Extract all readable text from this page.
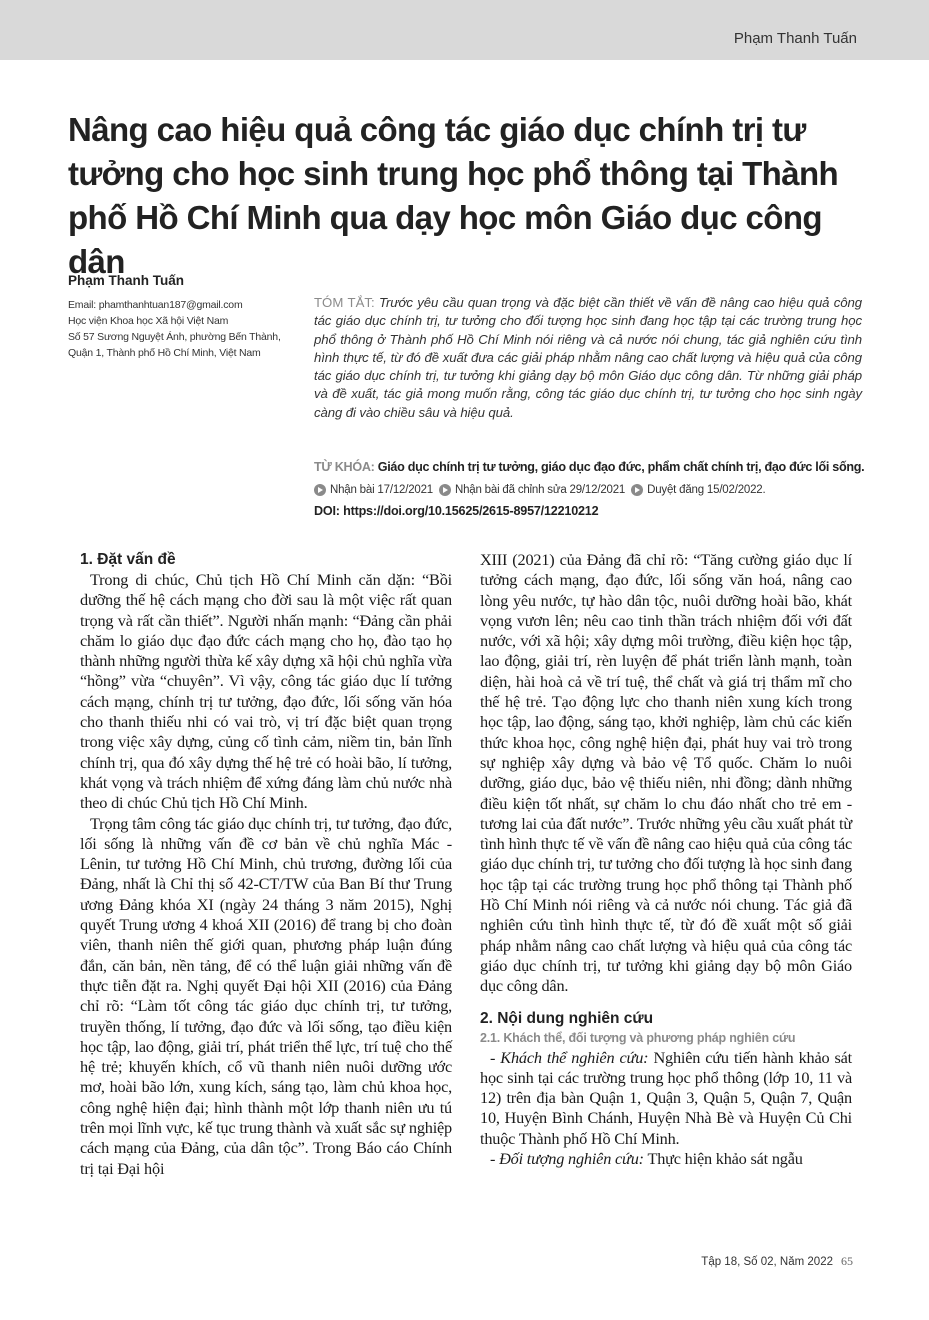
Phạm Thanh Tuấn
Nâng cao hiệu quả công tác giáo dục chính trị tư tưởng cho học sinh trung học phổ thông tại Thành phố Hồ Chí Minh qua dạy học môn Giáo dục công dân
Phạm Thanh Tuấn
Email: phamthanhtuan187@gmail.com
Học viện Khoa học Xã hội Việt Nam
Số 57 Sương Nguyệt Ánh, phường Bến Thành,
Quận 1, Thành phố Hồ Chí Minh, Việt Nam
TÓM TẮT: Trước yêu cầu quan trọng và đặc biệt cần thiết về vấn đề nâng cao hiệu quả công tác giáo dục chính trị, tư tưởng cho đối tượng học sinh đang học tập tại các trường trung học phổ thông ở Thành phố Hồ Chí Minh nói riêng và cả nước nói chung, tác giả nghiên cứu tình hình thực tế, từ đó đề xuất đưa các giải pháp nhằm nâng cao chất lượng và hiệu quả của công tác giáo dục chính trị, tư tưởng khi giảng dạy bộ môn Giáo dục công dân. Từ những giải pháp và đề xuất, tác giả mong muốn rằng, công tác giáo dục chính trị, tư tưởng cho học sinh ngày càng đi vào chiều sâu và hiệu quả.
TỪ KHÓA: Giáo dục chính trị tư tưởng, giáo dục đạo đức, phẩm chất chính trị, đạo đức lối sống.
Nhận bài 17/12/2021 Nhận bài đã chỉnh sửa 29/12/2021 Duyệt đăng 15/02/2022.
DOI: https://doi.org/10.15625/2615-8957/12210212
1. Đặt vấn đề

Trong di chúc, Chủ tịch Hồ Chí Minh căn dặn: “Bồi dưỡng thế hệ cách mạng cho đời sau là một việc rất quan trọng và rất cần thiết”. Người nhấn mạnh: “Đảng cần phải chăm lo giáo dục đạo đức cách mạng cho họ, đào tạo họ thành những người thừa kế xây dựng xã hội chủ nghĩa vừa “hồng” vừa “chuyên”. Vì vậy, công tác giáo dục lí tưởng cách mạng, chính trị tư tưởng, đạo đức, lối sống văn hóa cho thanh thiếu nhi có vai trò, vị trí đặc biệt quan trọng trong việc xây dựng, củng cố tình cảm, niềm tin, bản lĩnh chính trị, qua đó xây dựng thế hệ trẻ có hoài bão, lí tưởng, khát vọng và trách nhiệm để xứng đáng làm chủ nước nhà theo di chúc Chủ tịch Hồ Chí Minh.

Trọng tâm công tác giáo dục chính trị, tư tưởng, đạo đức, lối sống là những vấn đề cơ bản về chủ nghĩa Mác - Lênin, tư tưởng Hồ Chí Minh, chủ trương, đường lối của Đảng, nhất là Chỉ thị số 42-CT/TW của Ban Bí thư Trung ương Đảng khóa XI (ngày 24 tháng 3 năm 2015), Nghị quyết Trung ương 4 khoá XII (2016) để trang bị cho đoàn viên, thanh niên thế giới quan, phương pháp luận đúng đắn, căn bản, nền tảng, để có thể luận giải những vấn đề thực tiễn đặt ra. Nghị quyết Đại hội XII (2016) của Đảng chỉ rõ: “Làm tốt công tác giáo dục chính trị, tư tưởng, truyền thống, lí tưởng, đạo đức và lối sống, tạo điều kiện học tập, lao động, giải trí, phát triển thể lực, trí tuệ cho thế hệ trẻ; khuyến khích, cổ vũ thanh niên nuôi dưỡng ước mơ, hoài bão lớn, xung kích, sáng tạo, làm chủ khoa học, công nghệ hiện đại; hình thành một lớp thanh niên ưu tú trên mọi lĩnh vực, kế tục trung thành và xuất sắc sự nghiệp cách mạng của Đảng, của dân tộc”. Trong Báo cáo Chính trị tại Đại hội

XIII (2021) của Đảng đã chỉ rõ: “Tăng cường giáo dục lí tưởng cách mạng, đạo đức, lối sống văn hoá, nâng cao lòng yêu nước, tự hào dân tộc, nuôi dưỡng hoài bão, khát vọng vươn lên; nêu cao tinh thần trách nhiệm đối với đất nước, với xã hội; xây dựng môi trường, điều kiện học tập, lao động, giải trí, rèn luyện để phát triển lành mạnh, toàn diện, hài hoà cả về trí tuệ, thể chất và giá trị thẩm mĩ cho thế hệ trẻ. Tạo động lực cho thanh niên xung kích trong học tập, lao động, sáng tạo, khởi nghiệp, làm chủ các kiến thức khoa học, công nghệ hiện đại, phát huy vai trò trong sự nghiệp xây dựng và bảo vệ Tổ quốc. Chăm lo nuôi dưỡng, giáo dục, bảo vệ thiếu niên, nhi đồng; dành những điều kiện tốt nhất, sự chăm lo chu đáo nhất cho trẻ em - tương lai của đất nước”. Trước những yêu cầu xuất phát từ tình hình thực tế về vấn đề nâng cao hiệu quả của công tác giáo dục chính trị, tư tưởng cho đối tượng là học sinh đang học tập tại các trường trung học phổ thông tại Thành phố Hồ Chí Minh nói riêng và cả nước nói chung. Tác giả đã nghiên cứu tình hình thực tế, từ đó đề xuất một số giải pháp nhằm nâng cao chất lượng và hiệu quả của công tác giáo dục chính trị, tư tưởng khi giảng dạy bộ môn Giáo dục công dân.

2. Nội dung nghiên cứu
2.1. Khách thể, đối tượng và phương pháp nghiên cứu

- Khách thể nghiên cứu: Nghiên cứu tiến hành khảo sát học sinh tại các trường trung học phổ thông (lớp 10, 11 và 12) trên địa bàn Quận 1, Quận 3, Quận 5, Quận 7, Quận 10, Huyện Bình Chánh, Huyện Nhà Bè và Huyện Củ Chi thuộc Thành phố Hồ Chí Minh.

- Đối tượng nghiên cứu: Thực hiện khảo sát ngẫu

Tập 18, Số 02, Năm 2022 65
